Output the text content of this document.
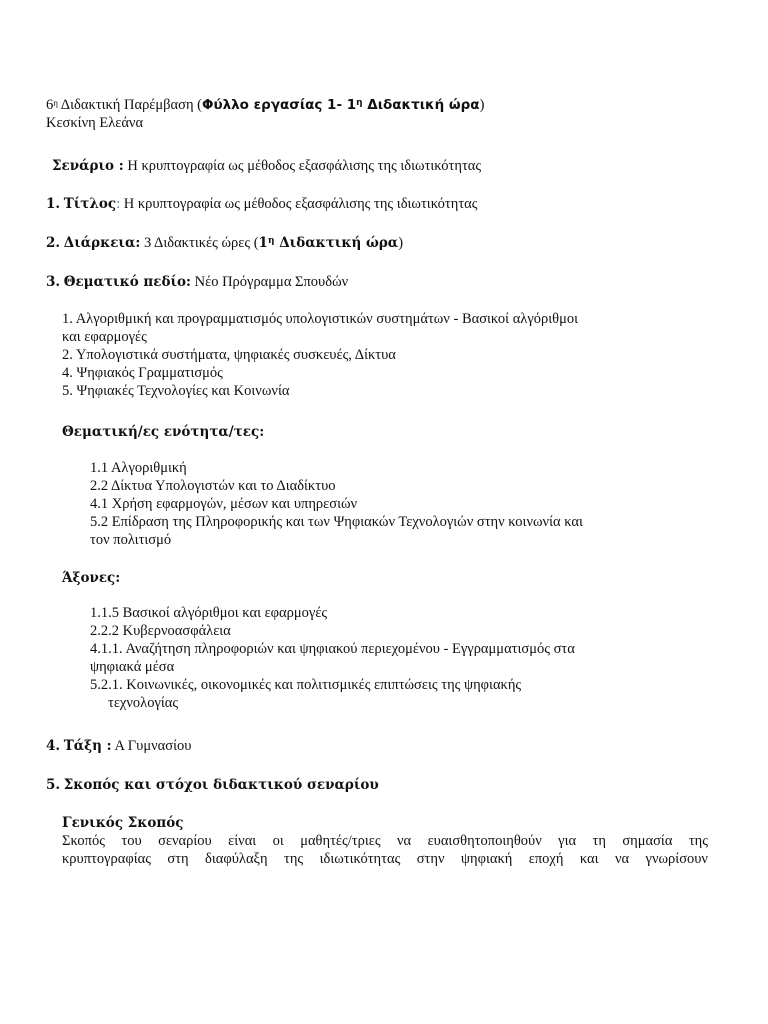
$6^\eta$ Διδακτική Παρέμβαση (Φύλλο εργασίας 1- $1^\eta$ Διδακτική ώρα)
Κεσκίνη Ελεάνα
Σενάριο : Η κρυπτογραφία ως μέθοδος εξασφάλισης της ιδιωτικότητας
1. Τίτλος: Η κρυπτογραφία ως μέθοδος εξασφάλισης της ιδιωτικότητας
2. Διάρκεια: 3 Διδακτικές ώρες ($1^\eta$ Διδακτική ώρα)
3. Θεματικό πεδίο: Νέο Πρόγραμμα Σπουδών
1. Αλγοριθμική και προγραμματισμός υπολογιστικών συστημάτων - Βασικοί αλγόριθμοι
και εφαρμογές
2. Υπολογιστικά συστήματα, ψηφιακές συσκευές, Δίκτυα
4. Ψηφιακός Γραμματισμός
5. Ψηφιακές Τεχνολογίες και Κοινωνία
Θεματική/ες ενότητα/τες:
1.1 Αλγοριθμική
2.2 Δίκτυα Υπολογιστών και το Διαδίκτυο
4.1 Χρήση εφαρμογών, μέσων και υπηρεσιών
5.2 Επίδραση της Πληροφορικής και των Ψηφιακών Τεχνολογιών στην κοινωνία και
τον πολιτισμό
Άξονες:
1.1.5 Βασικοί αλγόριθμοι και εφαρμογές
2.2.2 Κυβερνοασφάλεια
4.1.1. Αναζήτηση πληροφοριών και ψηφιακού περιεχομένου - Εγγραμματισμός στα
ψηφιακά μέσα
5.2.1. Κοινωνικές, οικονομικές και πολιτισμικές επιπτώσεις της ψηφιακής
τεχνολογίας
4. Τάξη : Α Γυμνασίου
5. Σκοπός και στόχοι διδακτικού σεναρίου
Γενικός Σκοπός
Σκοπός του σεναρίου είναι οι μαθητές/τριες να ευαισθητοποιηθούν για τη σημασία της
κρυπτογραφίας στη διαφύλαξη της ιδιωτικότητας στην ψηφιακή εποχή και να γνωρίσουν
